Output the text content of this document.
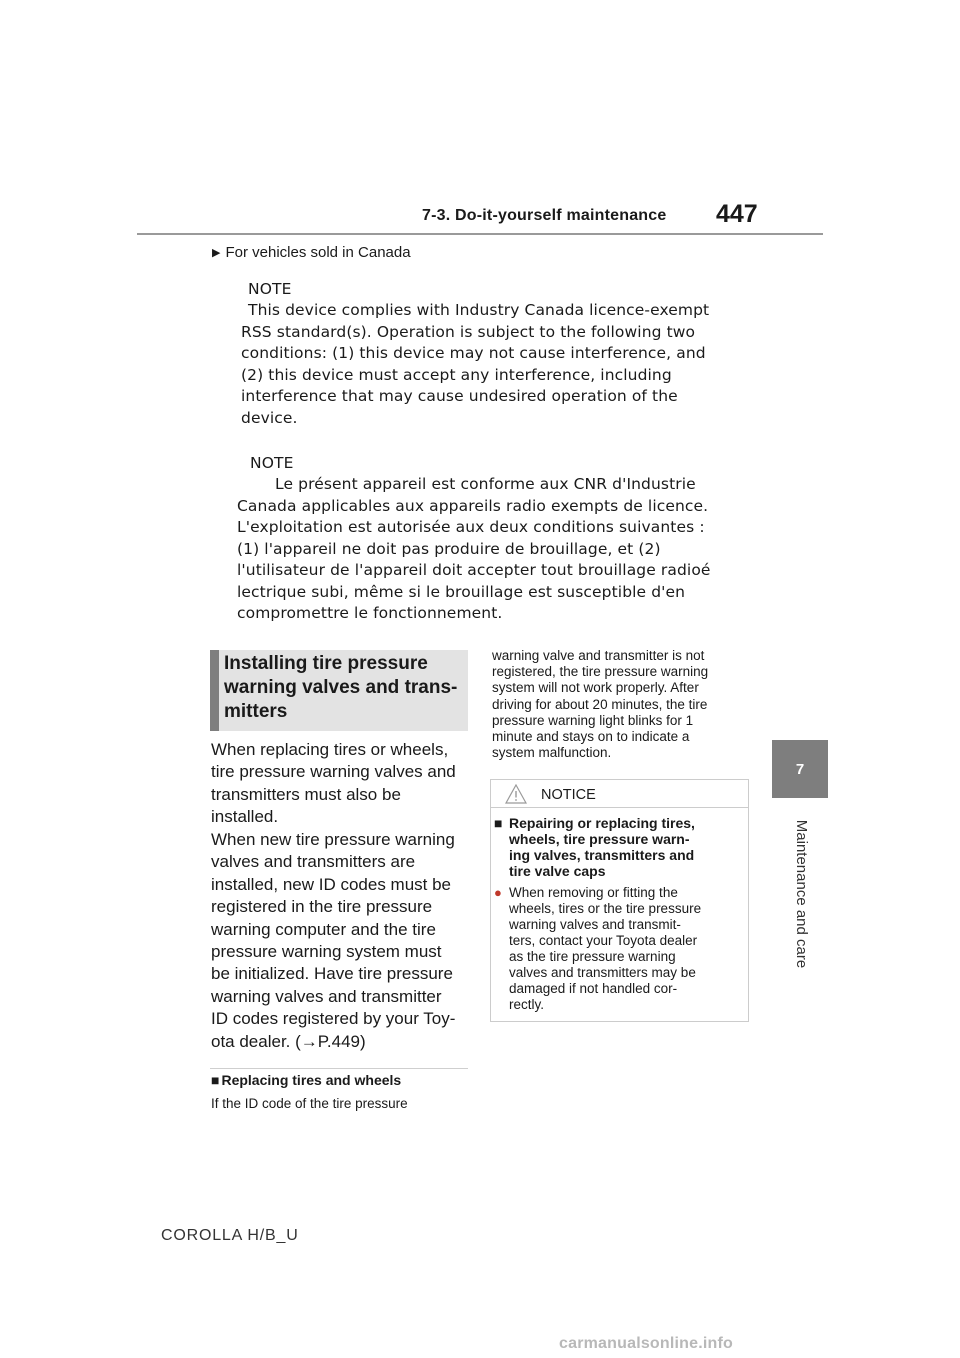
7-3. Do-it-yourself maintenance 447
7
Maintenance and care
▶ For vehicles sold in Canada
NOTE
This device complies with Industry Canada licence-exempt
RSS standard(s). Operation is subject to the following two
conditions: (1) this device may not cause interference, and
(2) this device must accept any interference, including
interference that may cause undesired operation of the
device.
NOTE
Le présent appareil est conforme aux CNR d'Industrie
Canada applicables aux appareils radio exempts de licence.
L'exploitation est autorisée aux deux conditions suivantes :
(1) l'appareil ne doit pas produire de brouillage, et (2)
l'utilisateur de l'appareil doit accepter tout brouillage radioé
lectrique subi, même si le brouillage est susceptible d'en
compromettre le fonctionnement.
Installing tire pressure
warning valves and trans-
mitters
When replacing tires or wheels,
tire pressure warning valves and
transmitters must also be
installed.
When new tire pressure warning
valves and transmitters are
installed, new ID codes must be
registered in the tire pressure
warning computer and the tire
pressure warning system must
be initialized. Have tire pressure
warning valves and transmitter
ID codes registered by your Toy-
ota dealer. (→P.449)
■ Replacing tires and wheels
If the ID code of the tire pressure
warning valve and transmitter is not
registered, the tire pressure warning
system will not work properly. After
driving for about 20 minutes, the tire
pressure warning light blinks for 1
minute and stays on to indicate a
system malfunction.
NOTICE
■ Repairing or replacing tires,
wheels, tire pressure warn-
ing valves, transmitters and
tire valve caps
● When removing or fitting the
wheels, tires or the tire pressure
warning valves and transmit-
ters, contact your Toyota dealer
as the tire pressure warning
valves and transmitters may be
damaged if not handled cor-
rectly.
COROLLA H/B_U
carmanualsonline.info
